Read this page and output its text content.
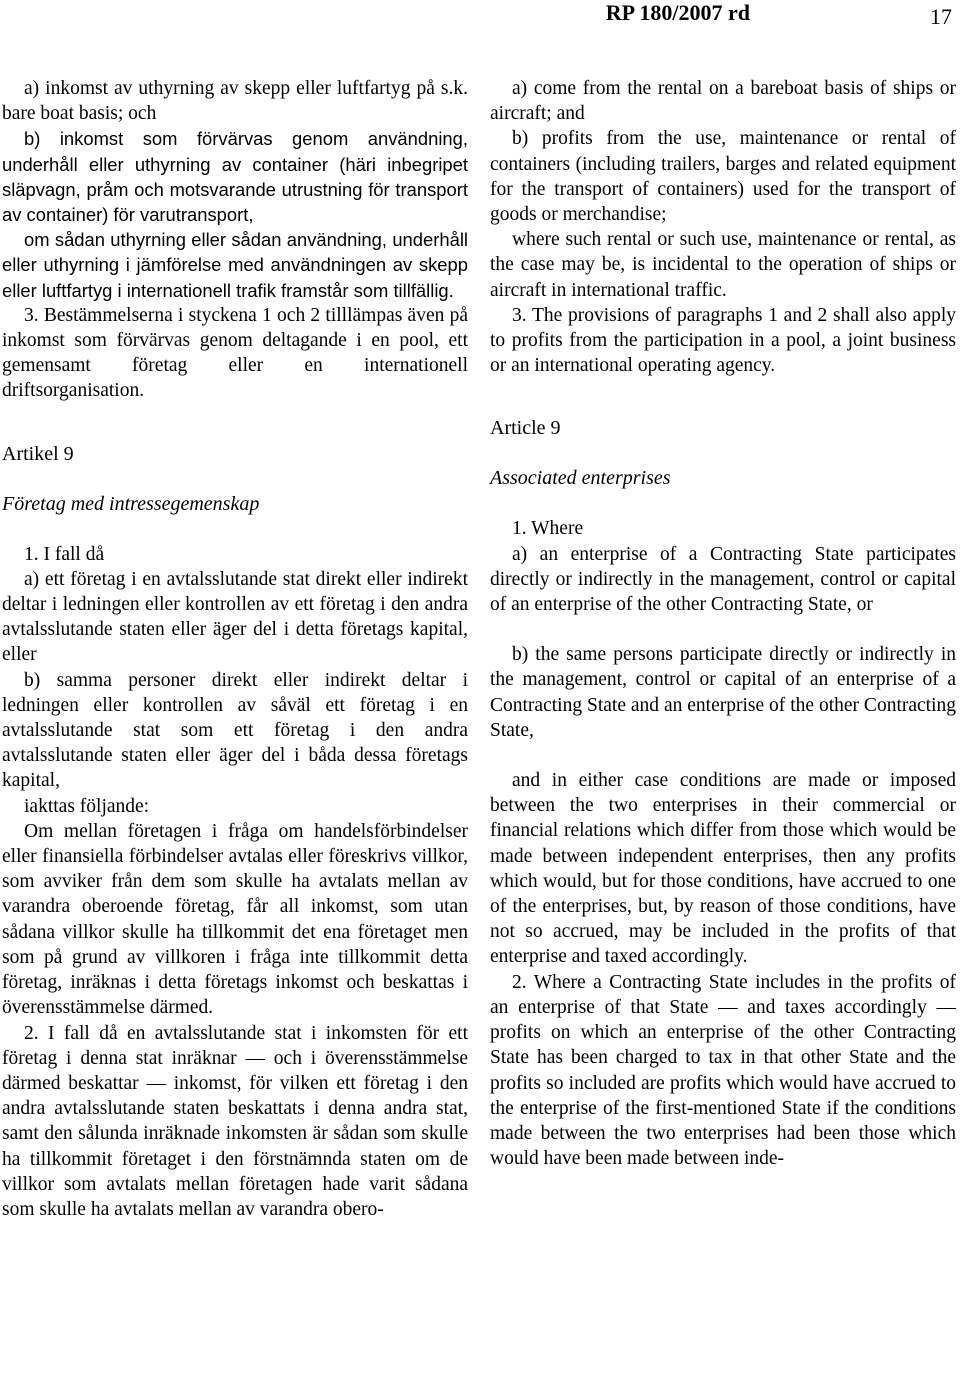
RP 180/2007 rd	17

a) inkomst av uthyrning av skepp eller luftfartyg på s.k. bare boat basis; och

b) inkomst som förvärvas genom användning, underhåll eller uthyrning av container (häri inbegripet släpvagn, pråm och motsvarande utrustning för transport av container) för varutransport,

om sådan uthyrning eller sådan användning, underhåll eller uthyrning i jämförelse med användningen av skepp eller luftfartyg i internationell trafik framstår som tillfällig.

3. Bestämmelserna i styckena 1 och 2 tilllämpas även på inkomst som förvärvas genom deltagande i en pool, ett gemensamt företag eller en internationell driftsorganisation.

Artikel 9

Företag med intressegemenskap

1. I fall då

a) ett företag i en avtalsslutande stat direkt eller indirekt deltar i ledningen eller kontrollen av ett företag i den andra avtalsslutande staten eller äger del i detta företags kapital, eller

b) samma personer direkt eller indirekt deltar i ledningen eller kontrollen av såväl ett företag i en avtalsslutande stat som ett företag i den andra avtalsslutande staten eller äger del i båda dessa företags kapital,

iakttas följande:

Om mellan företagen i fråga om handelsförbindelser eller finansiella förbindelser avtalas eller föreskrivs villkor, som avviker från dem som skulle ha avtalats mellan av varandra oberoende företag, får all inkomst, som utan sådana villkor skulle ha tillkommit det ena företaget men som på grund av villkoren i fråga inte tillkommit detta företag, inräknas i detta företags inkomst och beskattas i överensstämmelse därmed.

2. I fall då en avtalsslutande stat i inkomsten för ett företag i denna stat inräknar — och i överensstämmelse därmed beskattar — inkomst, för vilken ett företag i den andra avtalsslutande staten beskattats i denna andra stat, samt den sålunda inräknade inkomsten är sådan som skulle ha tillkommit företaget i den förstnämnda staten om de villkor som avtalats mellan företagen hade varit sådana som skulle ha avtalats mellan av varandra obero-

a) come from the rental on a bareboat basis of ships or aircraft; and

b) profits from the use, maintenance or rental of containers (including trailers, barges and related equipment for the transport of containers) used for the transport of goods or merchandise;

where such rental or such use, maintenance or rental, as the case may be, is incidental to the operation of ships or aircraft in international traffic.

3. The provisions of paragraphs 1 and 2 shall also apply to profits from the participation in a pool, a joint business or an international operating agency.

Article 9

Associated enterprises

1. Where

a) an enterprise of a Contracting State participates directly or indirectly in the management, control or capital of an enterprise of the other Contracting State, or

b) the same persons participate directly or indirectly in the management, control or capital of an enterprise of a Contracting State and an enterprise of the other Contracting State,

and in either case conditions are made or imposed between the two enterprises in their commercial or financial relations which differ from those which would be made between independent enterprises, then any profits which would, but for those conditions, have accrued to one of the enterprises, but, by reason of those conditions, have not so accrued, may be included in the profits of that enterprise and taxed accordingly.

2. Where a Contracting State includes in the profits of an enterprise of that State — and taxes accordingly — profits on which an enterprise of the other Contracting State has been charged to tax in that other State and the profits so included are profits which would have accrued to the enterprise of the first-mentioned State if the conditions made between the two enterprises had been those which would have been made between inde-
